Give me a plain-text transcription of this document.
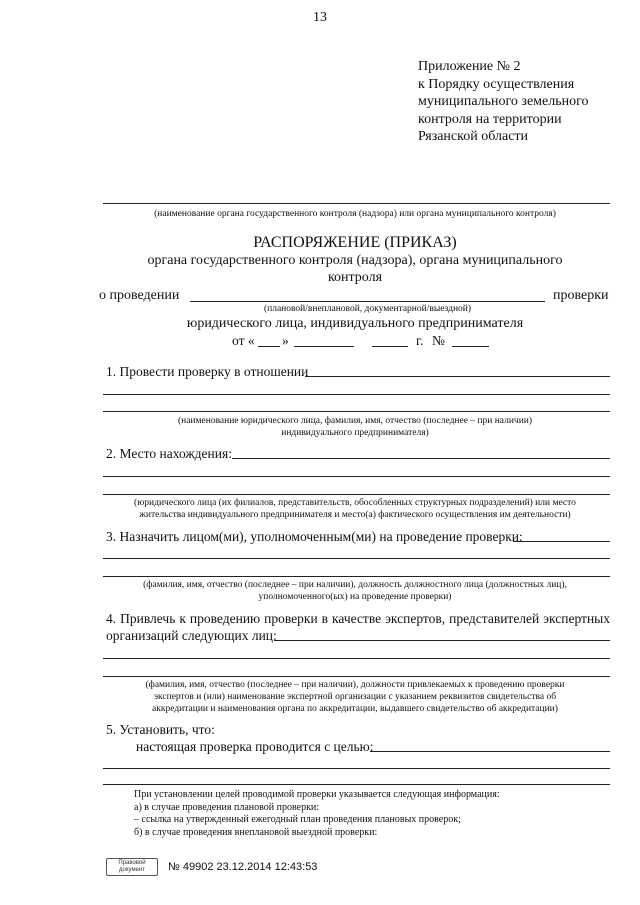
13
Приложение № 2
к Порядку осуществления
муниципального земельного
контроля на территории
Рязанской области
(наименование органа государственного контроля (надзора) или органа муниципального контроля)
РАСПОРЯЖЕНИЕ (ПРИКАЗ)
органа государственного контроля (надзора), органа муниципального
контроля
о проведении	проверки
(плановой/внеплановой, документарной/выездной)
юридического лица, индивидуального предпринимателя
от « »	г. №
1. Провести проверку в отношении
(наименование юридического лица, фамилия, имя, отчество (последнее – при наличии)
индивидуального предпринимателя)
2. Место нахождения:
(юридического лица (их филиалов, представительств, обособленных структурных подразделений) или место
жительства индивидуального предпринимателя и место(а) фактического осуществления им деятельности)
3. Назначить лицом(ми), уполномоченным(ми) на проведение проверки:
(фамилия, имя, отчество (последнее – при наличии), должность должностного лица (должностных лиц),
уполномоченного(ых) на проведение проверки)
4. Привлечь к проведению проверки в качестве экспертов, представителей экспертных
организаций следующих лиц:
(фамилия, имя, отчество (последнее – при наличии), должности привлекаемых к проведению проверки
экспертов и (или) наименование экспертной организации с указанием реквизитов свидетельства об
аккредитации и наименования органа по аккредитации, выдавшего свидетельство об аккредитации)
5. Установить, что:
настоящая проверка проводится с целью:
При установлении целей проводимой проверки указывается следующая информация:
а) в случае проведения плановой проверки:
– ссылка на утвержденный ежегодный план проведения плановых проверок;
б) в случае проведения внеплановой выездной проверки:
Правовой
документ	№ 49902 23.12.2014 12:43:53
